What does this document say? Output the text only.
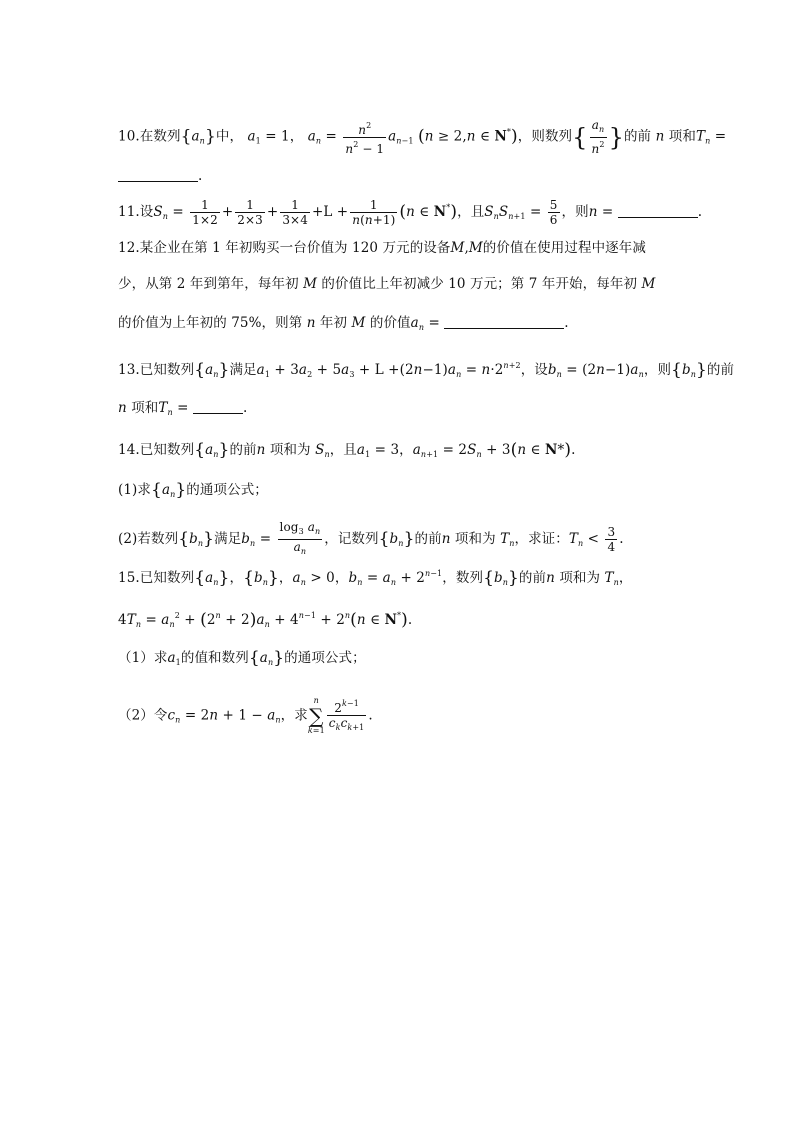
10.在数列$\{a_n\}$中， $a_1 = 1$， $a_n = \frac{n^2}{n^2 - 1} a_{n-1}$ (n ≥ 2,n ∈ N*)，则数列{ $\frac{a_n}{n^2}$ }的前 n 项和$T_n$ =
.
11.设$S_n = \frac{1}{1\times 2} + \frac{1}{2\times 3} + \frac{1}{3\times 4} +L + \frac{1}{n(n+1)} (n$ ∈ N*)，且$S_nS_{n+1} = \frac{5}{6}$ ，则n =	.
12.某企业在第 1 年初购买一台价值为 120 万元的设备M,M的价值在使用过程中逐年减
少，从第 2 年到第年，每年初 M 的价值比上年初减少 10 万元；第 7 年开始，每年初 M
的价值为上年初的 75%，则第 n 年初 M 的价值$a_n$ =	.
13.已知数列$\{a_n\}$满足$a_1 + 3a_2 + 5a_3 + L +(2n-1)a_n = n\cdot 2^{n+2}$，设$b_n = (2n-1)a_n$，则$\{b_n\}$的前
n 项和$T_n$ =	.
14.已知数列$\{a_n\}$的前n 项和为 $S_n$，且$a_1 = 3$，$a_{n+1} = 2S_n + 3(n$ ∈ N*).
(1)求$\{a_n\}$的通项公式；
(2)若数列$\{b_n\}$满足$b_n = \frac{\log_3 a_n}{a_n}$ ，记数列$\{b_n\}$的前n 项和为 $T_n$，求证：$T_n < \frac{3}{4}$ .
15.已知数列$\{a_n\}$，$\{b_n\}$，$a_n > 0$，$b_n = a_n + 2^{n-1}$，数列$\{b_n\}$的前n 项和为 $T_n$，
$4T_n = a_n^2 + (2^n + 2)a_n + 4^{n-1} + 2^n(n$ ∈ N*).
（1）求$a_1$的值和数列$\{a_n\}$的通项公式；
（2）令$c_n = 2n + 1 - a_n$，求n
∑
$k=1 \frac{2^{k-1}}{c_kc_{k+1}}$ .
